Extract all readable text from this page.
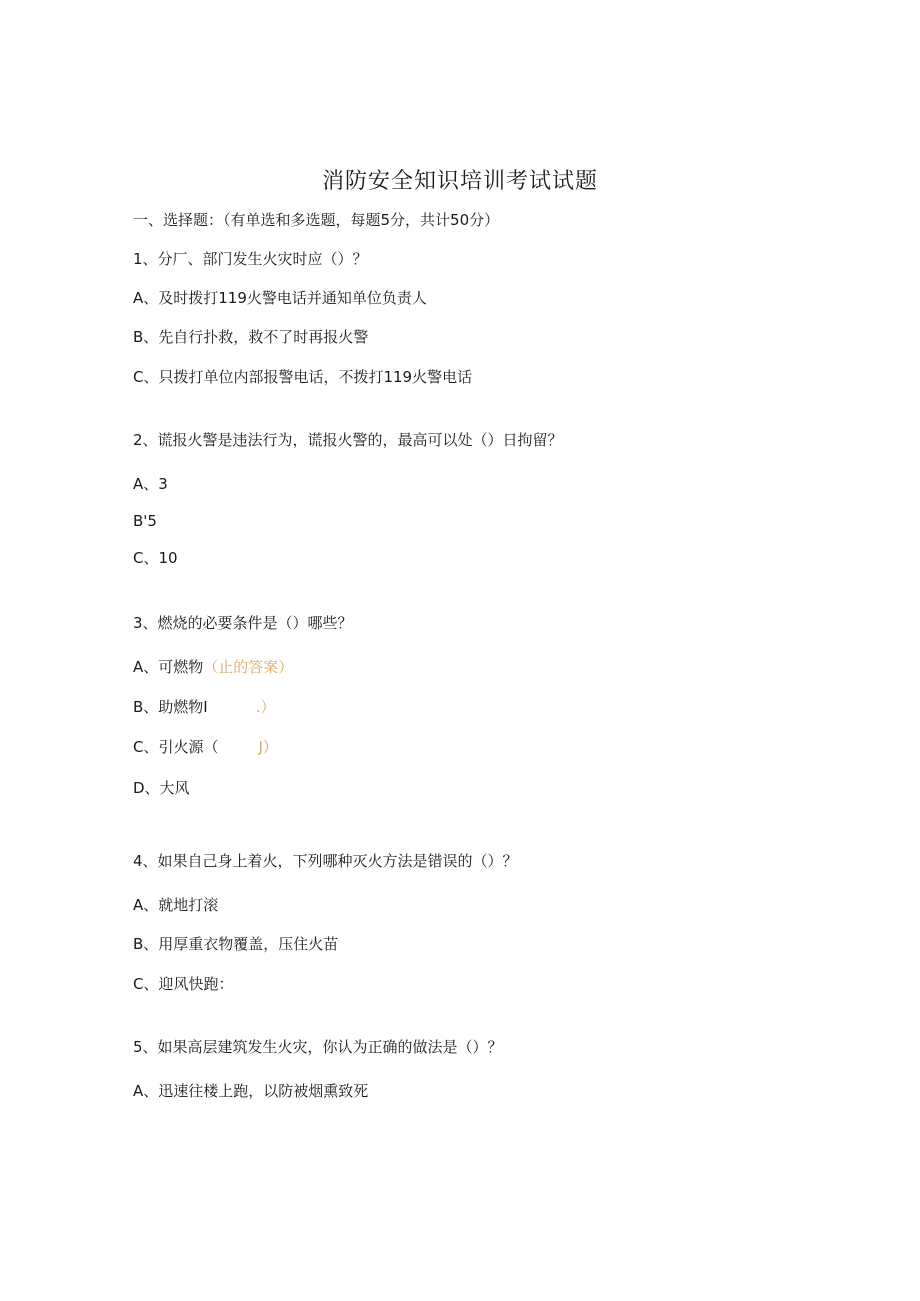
消防安全知识培训考试试题
一、选择题：（有单选和多选题，每题5分，共计50分）
1、分厂、部门发生火灾时应（）？
A、及时拨打119火警电话并通知单位负责人
B、先自行扑救，救不了时再报火警
C、只拨打单位内部报警电话，不拨打119火警电话
2、谎报火警是违法行为，谎报火警的，最高可以处（）日拘留？
A、3
B'5
C、10
3、燃烧的必要条件是（）哪些？
A、可燃物（止的答案）
B、助燃物I	.）
C、引火源（	J）
D、大风
4、如果自己身上着火，下列哪种灭火方法是错误的（）？
A、就地打滚
B、用厚重衣物覆盖，压住火苗
C、迎风快跑：
5、如果高层建筑发生火灾，你认为正确的做法是（）？
A、迅速往楼上跑，以防被烟熏致死
